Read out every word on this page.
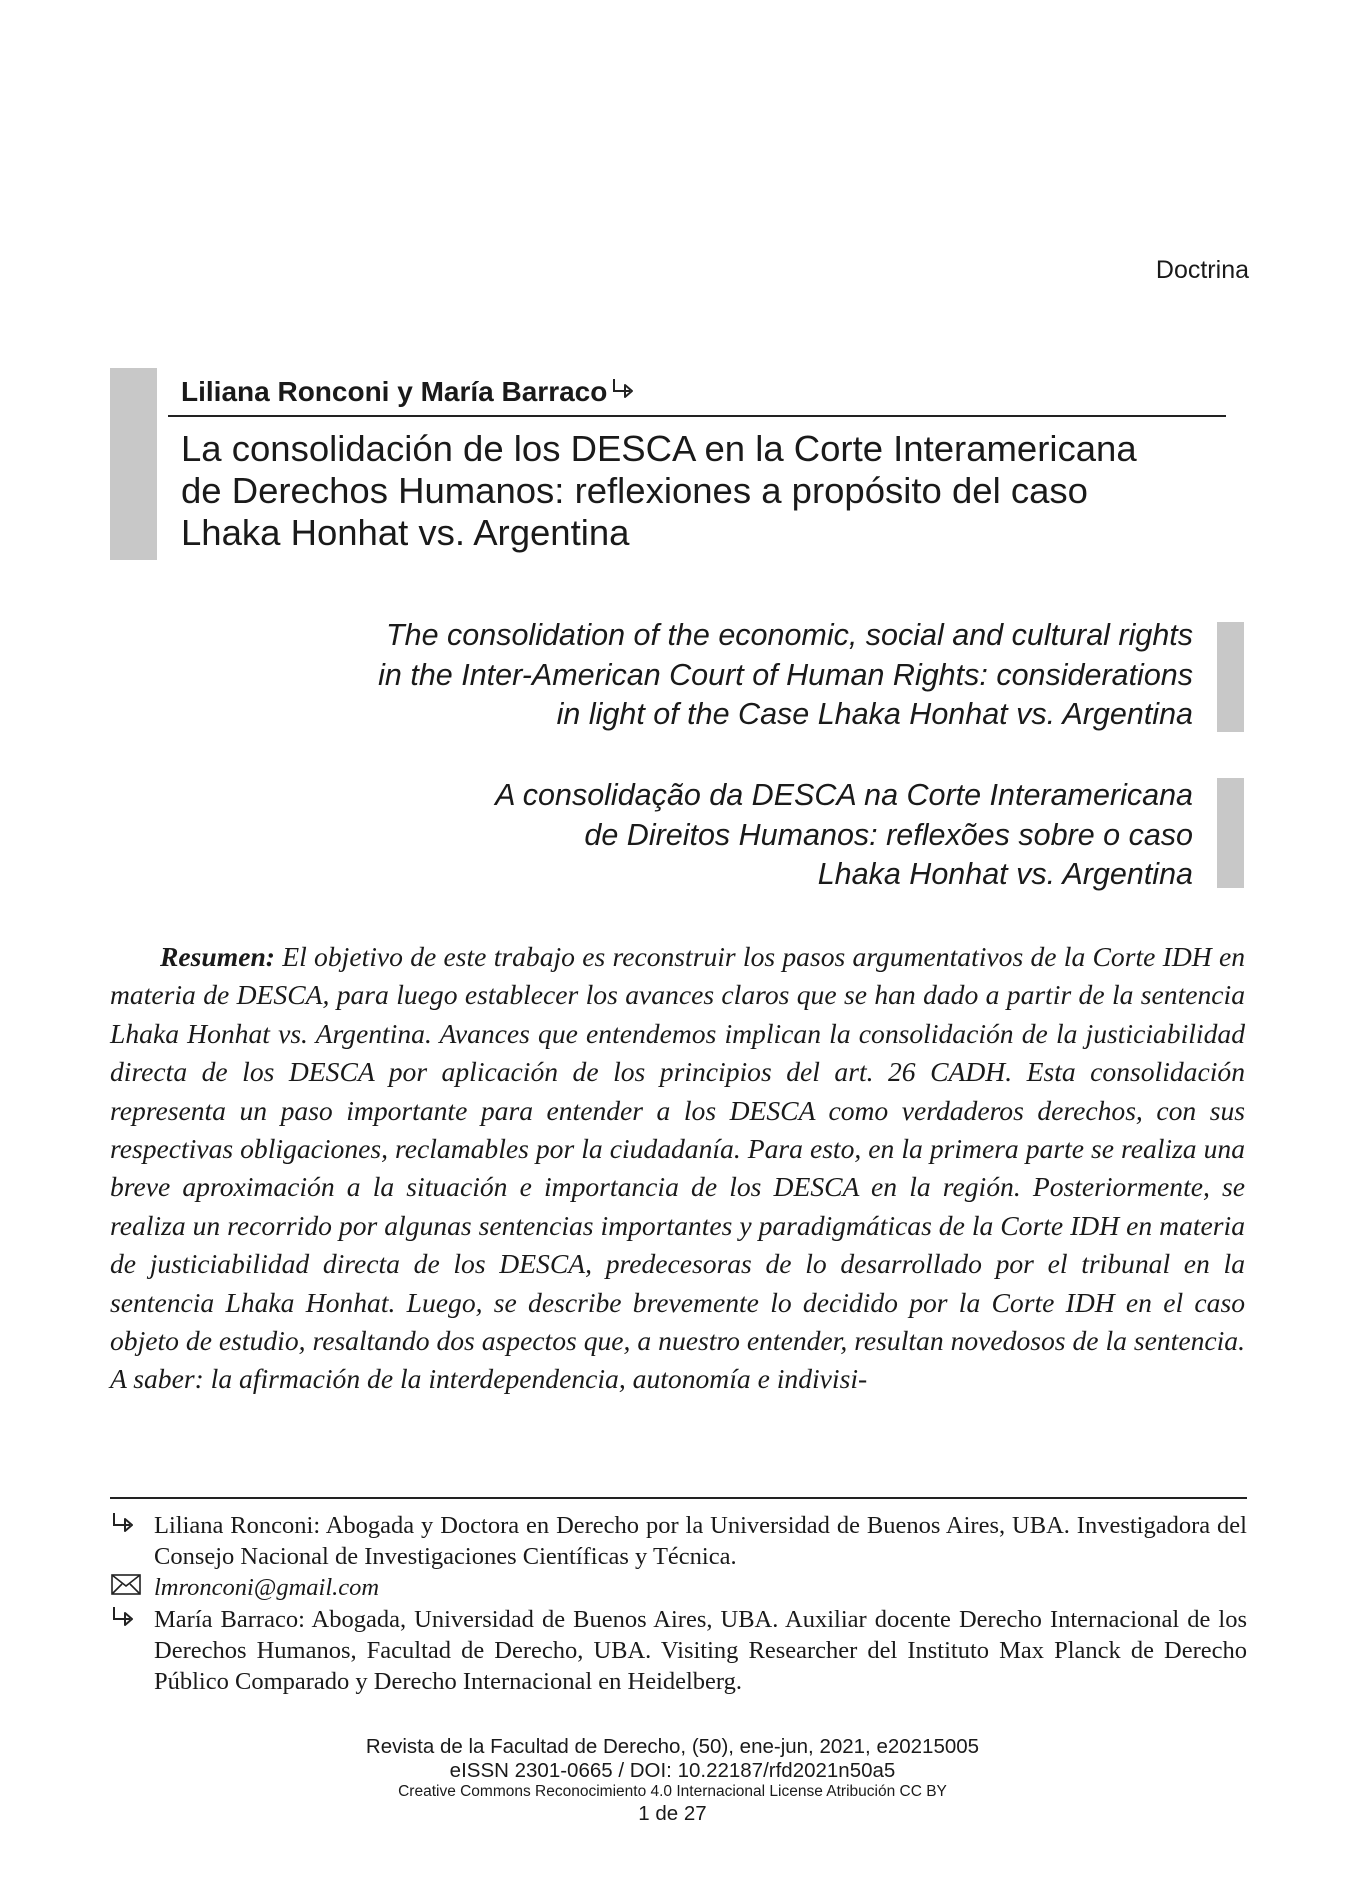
Doctrina
Liliana Ronconi y María Barraco
La consolidación de los DESCA en la Corte Interamericana
de Derechos Humanos: reflexiones a propósito del caso
Lhaka Honhat vs. Argentina
The consolidation of the economic, social and cultural rights
in the Inter-American Court of Human Rights: considerations
in light of the Case Lhaka Honhat vs. Argentina
A consolidação da DESCA na Corte Interamericana
de Direitos Humanos: reflexões sobre o caso
Lhaka Honhat vs. Argentina

Resumen: El objetivo de este trabajo es reconstruir los pasos argumentativos de la Corte IDH en materia de DESCA, para luego establecer los avances claros que se han dado a partir de la sentencia Lhaka Honhat vs. Argentina. Avances que entendemos implican la consolidación de la justiciabilidad directa de los DESCA por aplicación de los principios del art. 26 CADH. Esta consolidación representa un paso importante para entender a los DESCA como verdaderos derechos, con sus respectivas obligaciones, reclamables por la ciudadanía. Para esto, en la primera parte se realiza una breve aproximación a la situación e importancia de los DESCA en la región. Posteriormente, se realiza un recorrido por algunas sentencias importantes y paradigmáticas de la Corte IDH en materia de justiciabilidad directa de los DESCA, predecesoras de lo desarrollado por el tribunal en la sentencia Lhaka Honhat. Luego, se describe brevemente lo decidido por la Corte IDH en el caso objeto de estudio, resaltando dos aspectos que, a nuestro entender, resultan novedosos de la sentencia. A saber: la afirmación de la interdependencia, autonomía e indivisi-

Liliana Ronconi: Abogada y Doctora en Derecho por la Universidad de Buenos Aires, UBA. Investigadora del Consejo Nacional de Investigaciones Científicas y Técnica.
lmronconi@gmail.com
María Barraco: Abogada, Universidad de Buenos Aires, UBA. Auxiliar docente Derecho Internacional de los Derechos Humanos, Facultad de Derecho, UBA. Visiting Researcher del Instituto Max Planck de Derecho Público Comparado y Derecho Internacional en Heidelberg.
Revista de la Facultad de Derecho, (50), ene-jun, 2021, e20215005
eISSN 2301-0665 / DOI: 10.22187/rfd2021n50a5
Creative Commons Reconocimiento 4.0 Internacional License Atribución CC BY
1 de 27
